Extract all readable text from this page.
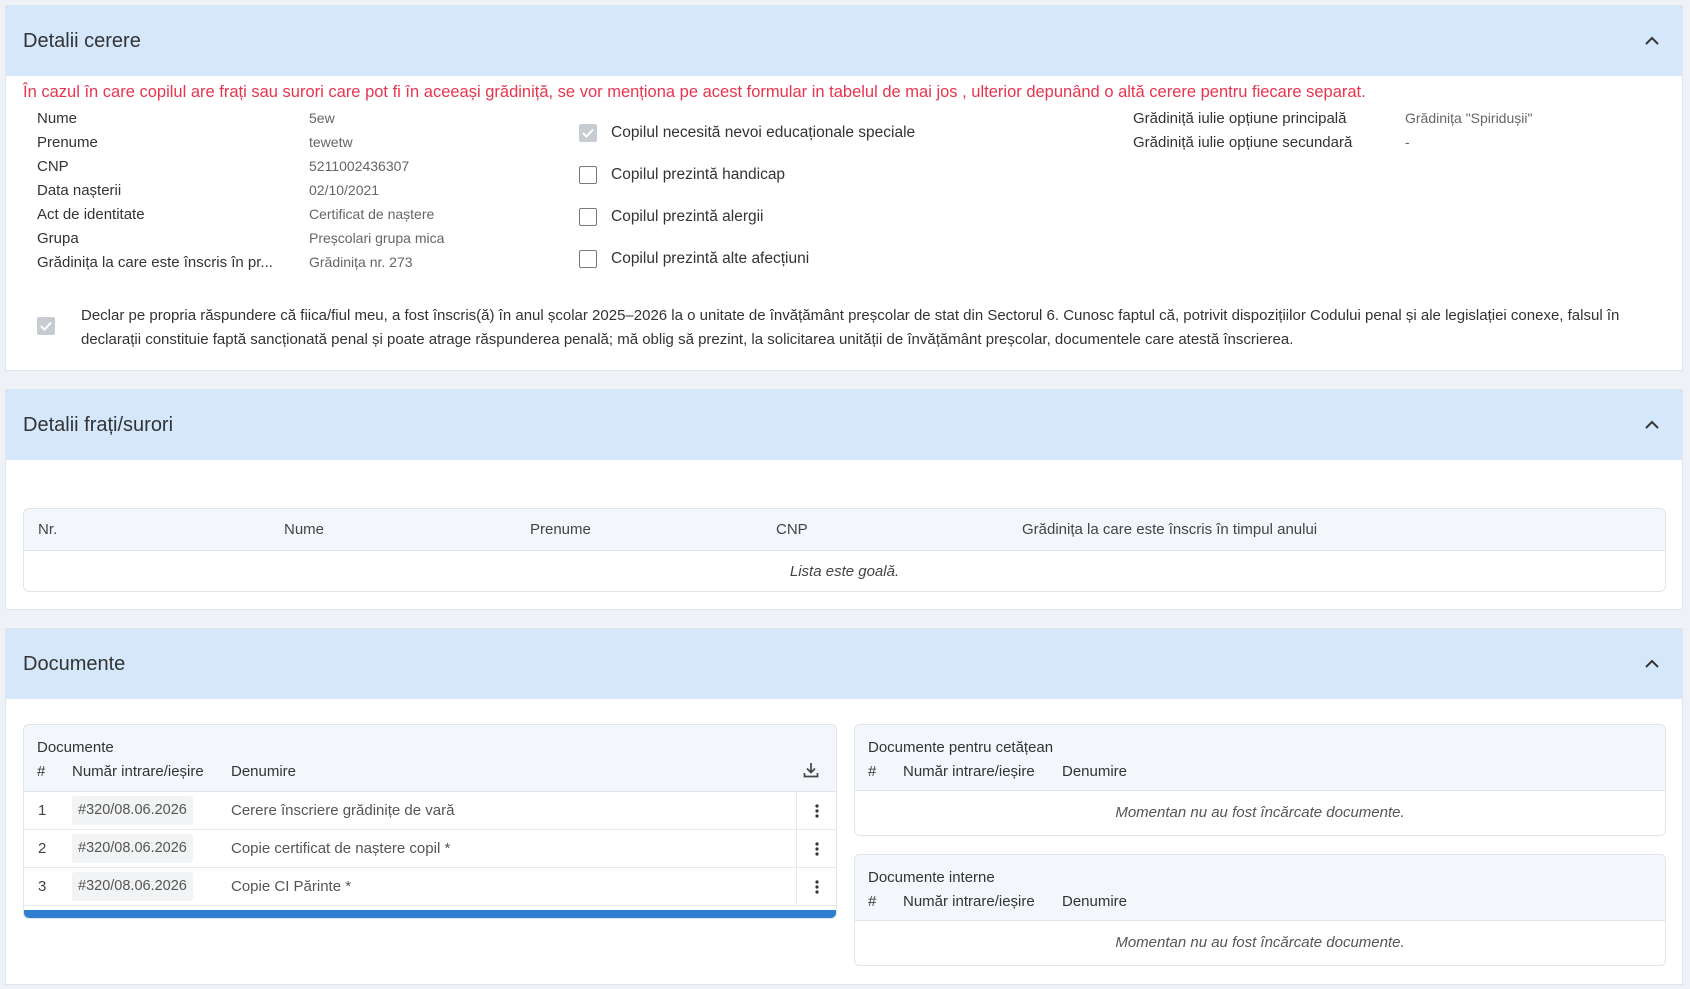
Detalii cerere
În cazul în care copilul are frați sau surori care pot fi în aceeași grădiniță, se vor menționa pe acest formular in tabelul de mai jos , ulterior depunând o altă cerere pentru fiecare separat.
Nume	5ew
Prenume	tewetw
CNP	5211002436307
Data nașterii	02/10/2021
Act de identitate	Certificat de naștere
Grupa	Preșcolari grupa mica
Grădinița la care este înscris în pr...	Grădinița nr. 273
Copilul necesită nevoi educaționale speciale
Copilul prezintă handicap
Copilul prezintă alergii
Copilul prezintă alte afecțiuni
Grădiniță iulie opțiune principală	Grădinița "Spiridușii"
Grădiniță iulie opțiune secundară	-
Declar pe propria răspundere că fiica/fiul meu, a fost înscris(ă) în anul școlar 2025–2026 la o unitate de învățământ preșcolar de stat din Sectorul 6. Cunosc faptul că, potrivit dispozițiilor Codului penal și ale legislației conexe, falsul în declarații constituie faptă sancționată penal și poate atrage răspunderea penală; mă oblig să prezint, la solicitarea unității de învățământ preșcolar, documentele care atestă înscrierea.
Detalii frați/surori
Nr.	Nume	Prenume	CNP	Grădinița la care este înscris în timpul anului
Lista este goală.
Documente
Documente
# Număr intrare/ieșire Denumire
1	#320/08.06.2026	Cerere înscriere grădinițe de vară
2	#320/08.06.2026	Copie certificat de naștere copil *
3	#320/08.06.2026	Copie CI Părinte *
Documente pentru cetățean
# Număr intrare/ieșire Denumire
Momentan nu au fost încărcate documente.
Documente interne
# Număr intrare/ieșire Denumire
Momentan nu au fost încărcate documente.
